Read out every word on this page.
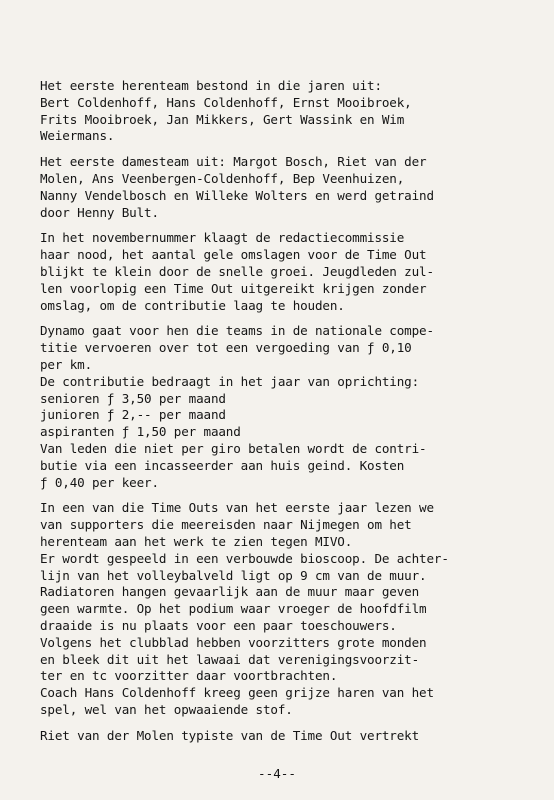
Het eerste herenteam bestond in die jaren uit:
Bert Coldenhoff, Hans Coldenhoff, Ernst Mooibroek,
Frits Mooibroek, Jan Mikkers, Gert Wassink en Wim
Weiermans.
Het eerste damesteam uit: Margot Bosch, Riet van der
Molen, Ans Veenbergen-Coldenhoff, Bep Veenhuizen,
Nanny Vendelbosch en Willeke Wolters en werd getraind
door Henny Bult.
In het novembernummer klaagt de redactiecommissie
haar nood, het aantal gele omslagen voor de Time Out
blijkt te klein door de snelle groei. Jeugdleden zul-
len voorlopig een Time Out uitgereikt krijgen zonder
omslag, om de contributie laag te houden.
Dynamo gaat voor hen die teams in de nationale compe-
titie vervoeren over tot een vergoeding van ƒ 0,10
per km.
De contributie bedraagt in het jaar van oprichting:
senioren ƒ 3,50 per maand
junioren ƒ 2,-- per maand
aspiranten ƒ 1,50 per maand
Van leden die niet per giro betalen wordt de contri-
butie via een incasseerder aan huis geind. Kosten
ƒ 0,40 per keer.
In een van die Time Outs van het eerste jaar lezen we
van supporters die meereisden naar Nijmegen om het
herenteam aan het werk te zien tegen MIVO.
Er wordt gespeeld in een verbouwde bioscoop. De achter-
lijn van het volleybalveld ligt op 9 cm van de muur.
Radiatoren hangen gevaarlijk aan de muur maar geven
geen warmte. Op het podium waar vroeger de hoofdfilm
draaide is nu plaats voor een paar toeschouwers.
Volgens het clubblad hebben voorzitters grote monden
en bleek dit uit het lawaai dat verenigingsvoorzit-
ter en tc voorzitter daar voortbrachten.
Coach Hans Coldenhoff kreeg geen grijze haren van het
spel, wel van het opwaaiende stof.
Riet van der Molen typiste van de Time Out vertrekt
--4--
